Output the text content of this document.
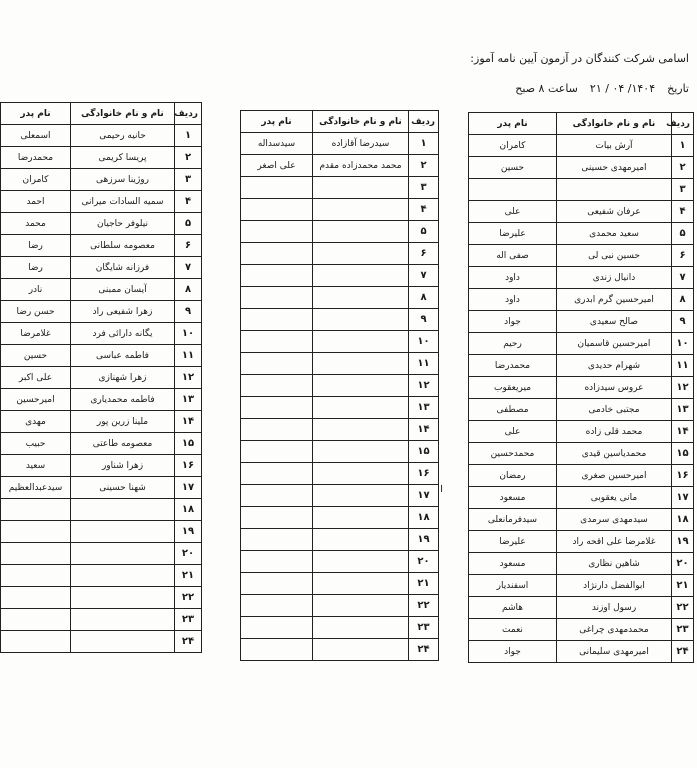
اسامی شرکت کنندگان در آزمون آیین نامه آموز:
تاریخ
۱۴۰۴/ ۰۴ / ۲۱
ساعت ۸ صبح
ردیف	نام و نام خانوادگی	نام پدر
۱	آرش بیات	کامران
۲	امیرمهدی حسینی	حسین
۳		
۴	عرفان شفیعی	علی
۵	سعید محمدی	علیرضا
۶	حسین نبی لی	صفی اله
۷	دانیال زندی	داود
۸	امیرحسین گرم ابدری	داود
۹	صالح سعیدی	جواد
۱۰	امیرحسین قاسمیان	رحیم
۱۱	شهرام حدیدی	محمدرضا
۱۲	عروس سیدزاده	میریعقوب
۱۳	مجتبی خادمی	مصطفی
۱۴	محمد قلی زاده	علی
۱۵	محمدیاسین قیدی	محمدحسین
۱۶	امیرحسین صغری	رمضان
۱۷	مانی یعقوبی	مسعود
۱۸	سیدمهدی سرمدی	سیدفرمانعلی
۱۹	غلامرضا علی اقحه راد	علیرضا
۲۰	شاهین نظاری	مسعود
۲۱	ابوالفضل دارنژاد	اسفندیار
۲۲	رسول اوزند	هاشم
۲۳	محمدمهدی چراغی	نعمت
۲۴	امیرمهدی سلیمانی	جواد
ردیف	نام و نام خانوادگی	نام پدر
۱	سیدرضا آقازاده	سیدسداله
۲	محمد محمدزاده مقدم	علی اصغر
۳		
۴		
۵		
۶		
۷		
۸		
۹		
۱۰		
۱۱		
۱۲		
۱۳		
۱۴		
۱۵		
۱۶		
۱۷		
۱۸		
۱۹		
۲۰		
۲۱		
۲۲		
۲۳		
۲۴		
ردیف	نام و نام خانوادگی	نام پدر
۱	حانیه رحیمی	اسمعلی
۲	پریسا کریمی	محمدرضا
۳	روژینا سرزهی	کامران
۴	سمیه السادات میرانی	احمد
۵	نیلوفر حاجیان	محمد
۶	معصومه سلطانی	رضا
۷	فرزانه شایگان	رضا
۸	آیسان ممبنی	نادر
۹	زهرا شفیعی راد	حسن رضا
۱۰	یگانه دارائی فرد	غلامرضا
۱۱	فاطمه عباسی	حسین
۱۲	زهرا شهنازی	علی اکبر
۱۳	فاطمه محمدیاری	امیرحسین
۱۴	ملینا زرین پور	مهدی
۱۵	معصومه طاعتی	حبیب
۱۶	زهرا شناور	سعید
۱۷	شهنا حسینی	سیدعبدالعظیم
۱۸		
۱۹		
۲۰		
۲۱		
۲۲		
۲۳		
۲۴		
╷
